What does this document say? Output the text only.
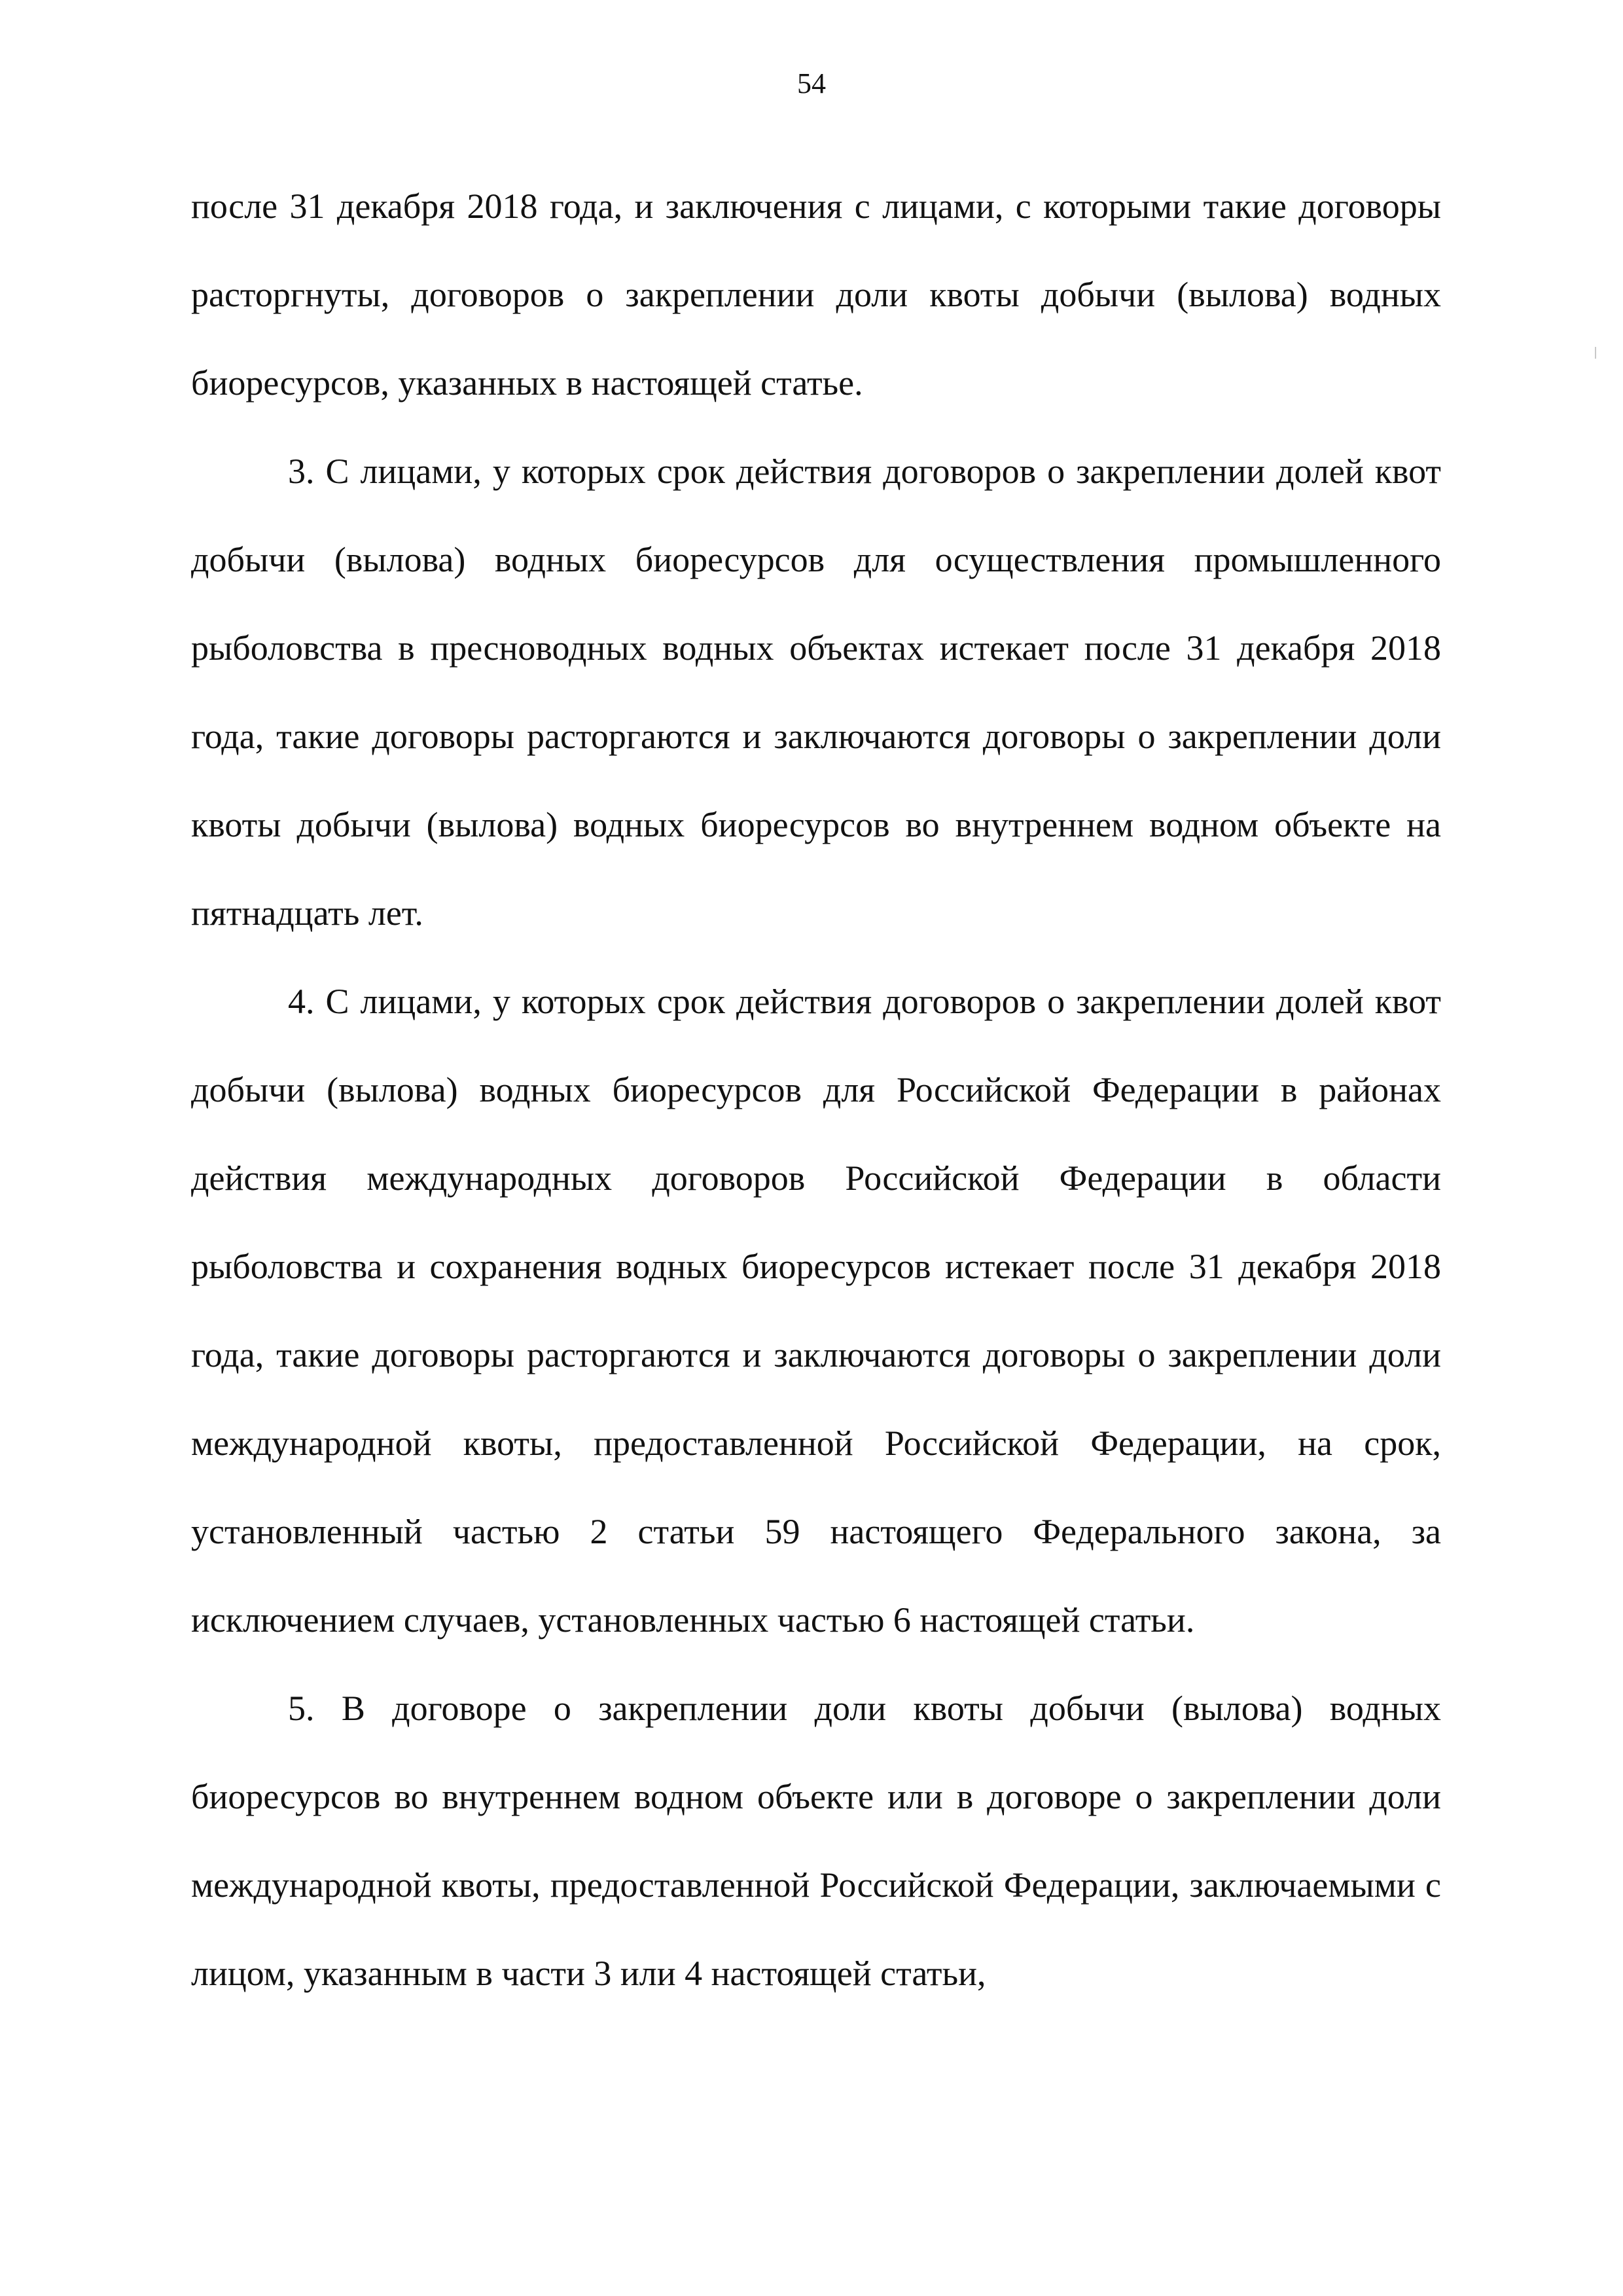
54

после 31 декабря 2018 года, и заключения с лицами, с которыми такие договоры расторгнуты, договоров о закреплении доли квоты добычи (вылова) водных биоресурсов, указанных в настоящей статье.

3. С лицами, у которых срок действия договоров о закреплении долей квот добычи (вылова) водных биоресурсов для осуществления промышленного рыболовства в пресноводных водных объектах истекает после 31 декабря 2018 года, такие договоры расторгаются и заключаются договоры о закреплении доли квоты добычи (вылова) водных биоресурсов во внутреннем водном объекте на пятнадцать лет.

4. С лицами, у которых срок действия договоров о закреплении долей квот добычи (вылова) водных биоресурсов для Российской Федерации в районах действия международных договоров Российской Федерации в области рыболовства и сохранения водных биоресурсов истекает после 31 декабря 2018 года, такие договоры расторгаются и заключаются договоры о закреплении доли международной квоты, предоставленной Российской Федерации, на срок, установленный частью 2 статьи 59 настоящего Федерального закона, за исключением случаев, установленных частью 6 настоящей статьи.

5. В договоре о закреплении доли квоты добычи (вылова) водных биоресурсов во внутреннем водном объекте или в договоре о закреплении доли международной квоты, предоставленной Российской Федерации, заключаемыми с лицом, указанным в части 3 или 4 настоящей статьи,
